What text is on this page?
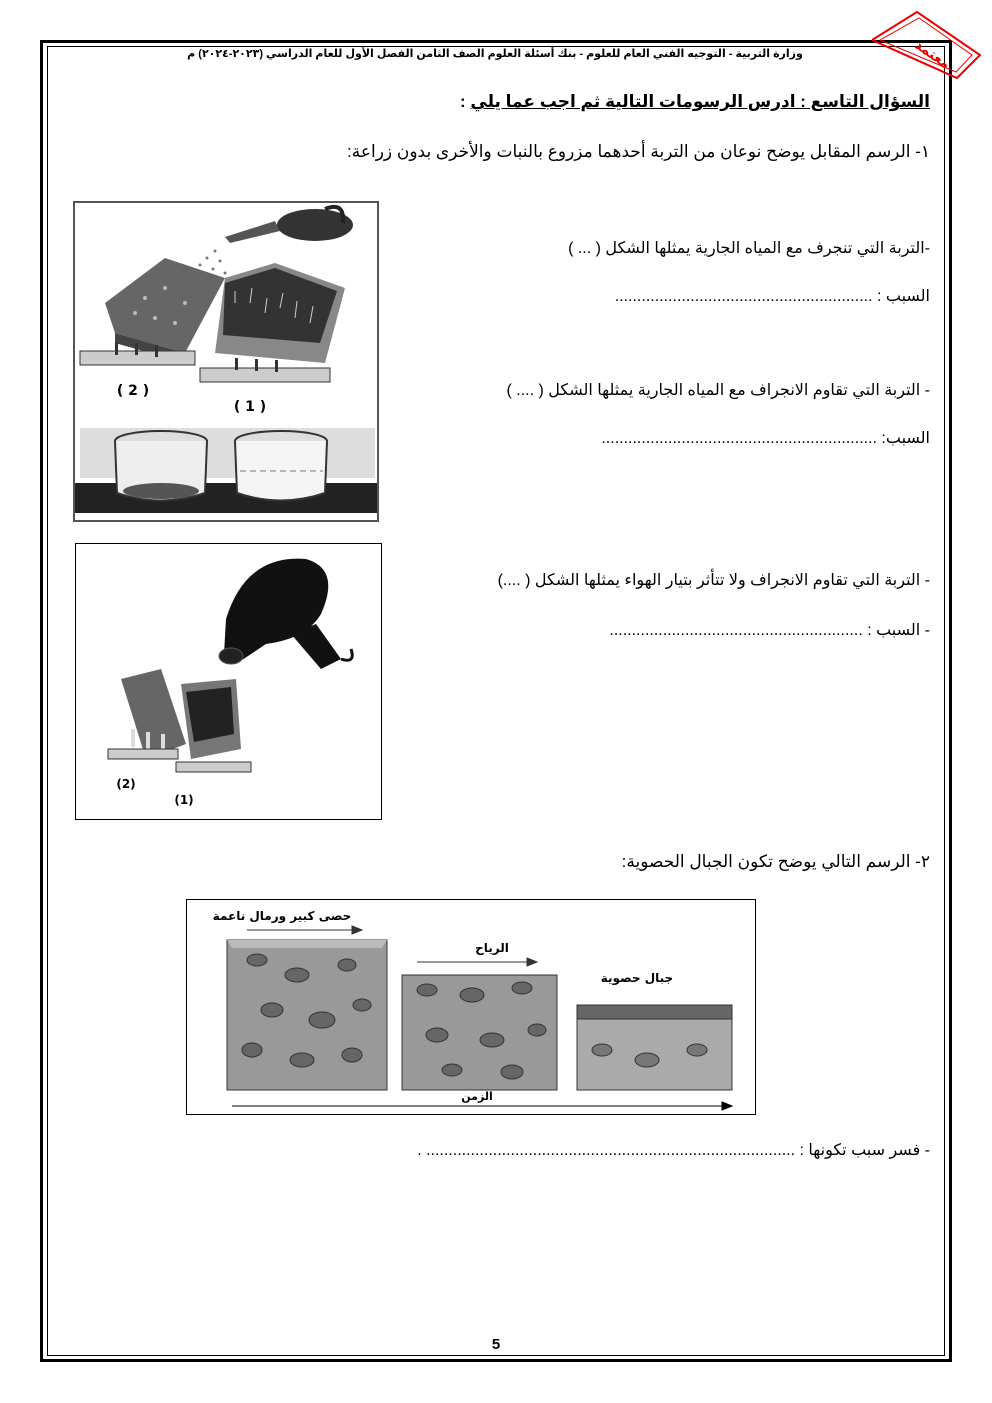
وزارة التربية - التوجيه الفني العام للعلوم - بنك أسئلة العلوم الصف الثامن الفصل الأول للعام الدراسي (٢٠٢٣-٢٠٢٤) م	معتمد
السؤال التاسع : ادرس الرسومات التالية ثم اجب عما يلي :
١- الرسم المقابل يوضح نوعان من التربة أحدهما مزروع بالنبات والأخرى بدون زراعة:
-التربة التي تنجرف مع المياه الجارية يمثلها الشكل ( ... )
السبب : ..........................................................
- التربة التي تقاوم الانجراف مع المياه الجارية يمثلها الشكل ( .... )
السبب: ..............................................................
- التربة التي تقاوم الانجراف ولا تتأثر بتيار الهواء يمثلها الشكل ( ....)
- السبب : .........................................................
( 2 )
( 1 )
(2)
(1)
٢- الرسم التالي يوضح تكون الجبال الحصوية:
حصى كبير ورمال ناعمة
الرياح
جبال حصوية
الزمن
- فسر سبب تكونها : ................................................................................... .
5
